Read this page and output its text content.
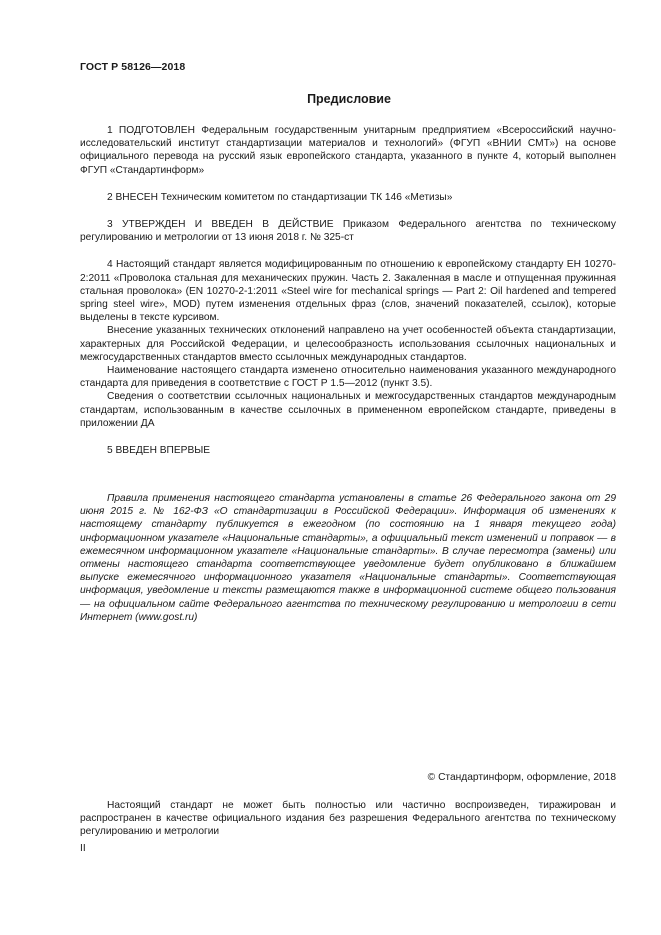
ГОСТ Р 58126—2018
Предисловие

1 ПОДГОТОВЛЕН Федеральным государственным унитарным предприятием «Всероссийский научно-исследовательский институт стандартизации материалов и технологий» (ФГУП «ВНИИ СМТ») на основе официального перевода на русский язык европейского стандарта, указанного в пункте 4, который выполнен ФГУП «Стандартинформ»

2 ВНЕСЕН Техническим комитетом по стандартизации ТК 146 «Метизы»

3 УТВЕРЖДЕН И ВВЕДЕН В ДЕЙСТВИЕ Приказом Федерального агентства по техническому регулированию и метрологии от 13 июня 2018 г. № 325-ст

4 Настоящий стандарт является модифицированным по отношению к европейскому стандарту ЕН 10270-2:2011 «Проволока стальная для механических пружин. Часть 2. Закаленная в масле и отпущенная пружинная стальная проволока» (EN 10270-2-1:2011 «Steel wire for mechanical springs — Part 2: Oil hardened and tempered spring steel wire», MOD) путем изменения отдельных фраз (слов, значений показателей, ссылок), которые выделены в тексте курсивом.

Внесение указанных технических отклонений направлено на учет особенностей объекта стандартизации, характерных для Российской Федерации, и целесообразность использования ссылочных национальных и межгосударственных стандартов вместо ссылочных международных стандартов.

Наименование настоящего стандарта изменено относительно наименования указанного международного стандарта для приведения в соответствие с ГОСТ Р 1.5—2012 (пункт 3.5).

Сведения о соответствии ссылочных национальных и межгосударственных стандартов международным стандартам, использованным в качестве ссылочных в примененном европейском стандарте, приведены в приложении ДА

5 ВВЕДЕН ВПЕРВЫЕ

Правила применения настоящего стандарта установлены в статье 26 Федерального закона от 29 июня 2015 г. № 162-ФЗ «О стандартизации в Российской Федерации». Информация об изменениях к настоящему стандарту публикуется в ежегодном (по состоянию на 1 января текущего года) информационном указателе «Национальные стандарты», а официальный текст изменений и поправок — в ежемесячном информационном указателе «Национальные стандарты». В случае пересмотра (замены) или отмены настоящего стандарта соответствующее уведомление будет опубликовано в ближайшем выпуске ежемесячного информационного указателя «Национальные стандарты». Соответствующая информация, уведомление и тексты размещаются также в информационной системе общего пользования — на официальном сайте Федерального агентства по техническому регулированию и метрологии в сети Интернет (www.gost.ru)

© Стандартинформ, оформление, 2018

Настоящий стандарт не может быть полностью или частично воспроизведен, тиражирован и распространен в качестве официального издания без разрешения Федерального агентства по техническому регулированию и метрологии

II
